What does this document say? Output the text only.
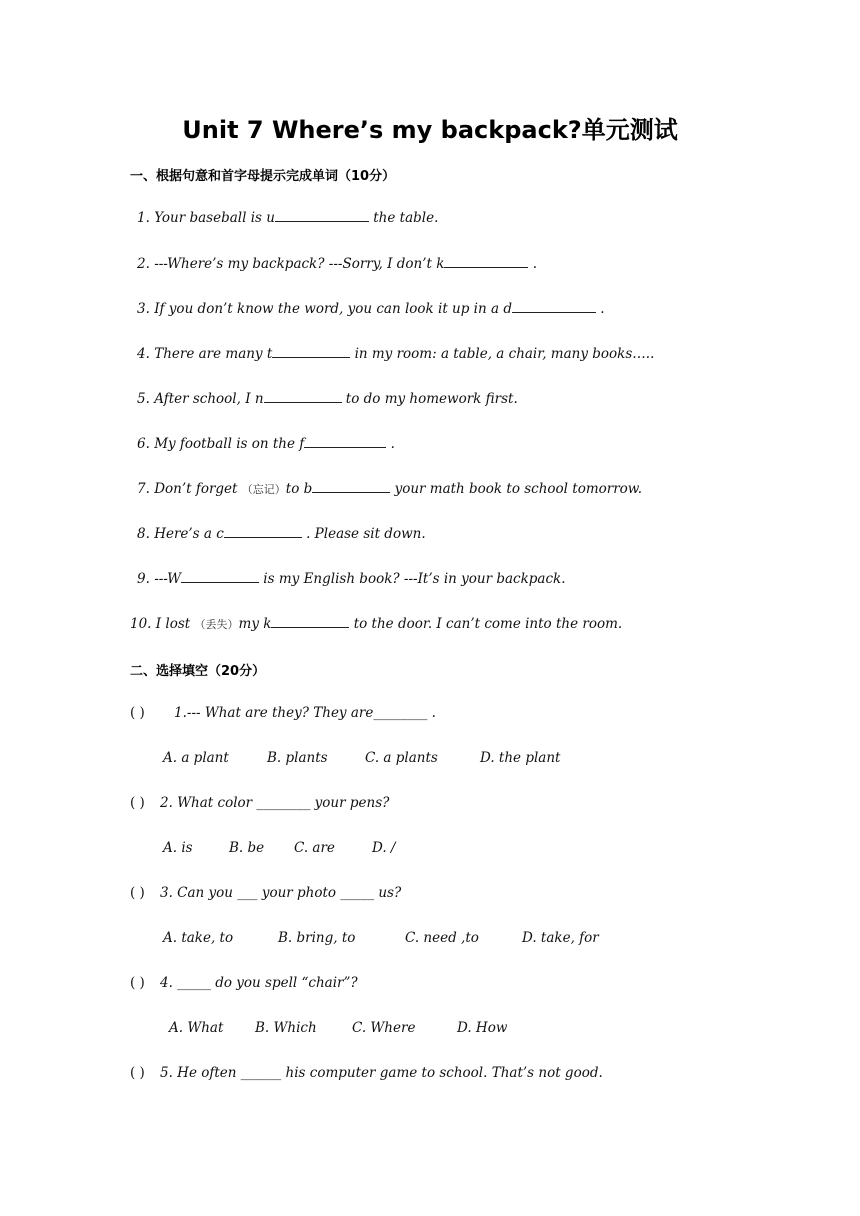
Unit 7 Where’s my backpack?单元测试
一、根据句意和首字母提示完成单词（10分）
1. Your baseball is u	the table.
2. ---Where’s my backpack? ---Sorry, I don’t k	.
3. If you don’t know the word, you can look it up in a d	.
4. There are many t	in my room: a table, a chair, many books…..
5. After school, I n	to do my homework first.
6. My football is on the f	.
7. Don’t forget （忘记）to b	your math book to school tomorrow.
8. Here’s a c	. Please sit down.
9. ---W	is my English book? ---It’s in your backpack.
10. I lost （丢失）my k	to the door. I can’t come into the room.
二、选择填空（20分）
( ) 1.--- What are they? They are________ .
A. a plant	B. plants	C. a plants	D. the plant
( ) 2. What color ________ your pens?
A. is	B. be C. are	D. /
( ) 3. Can you ___ your photo _____ us?
A. take, to	B. bring, to	C. need ,to	D. take, for
( ) 4. _____ do you spell “chair”?
A. What B. Which	C. Where	D. How
( ) 5. He often ______ his computer game to school. That’s not good.
